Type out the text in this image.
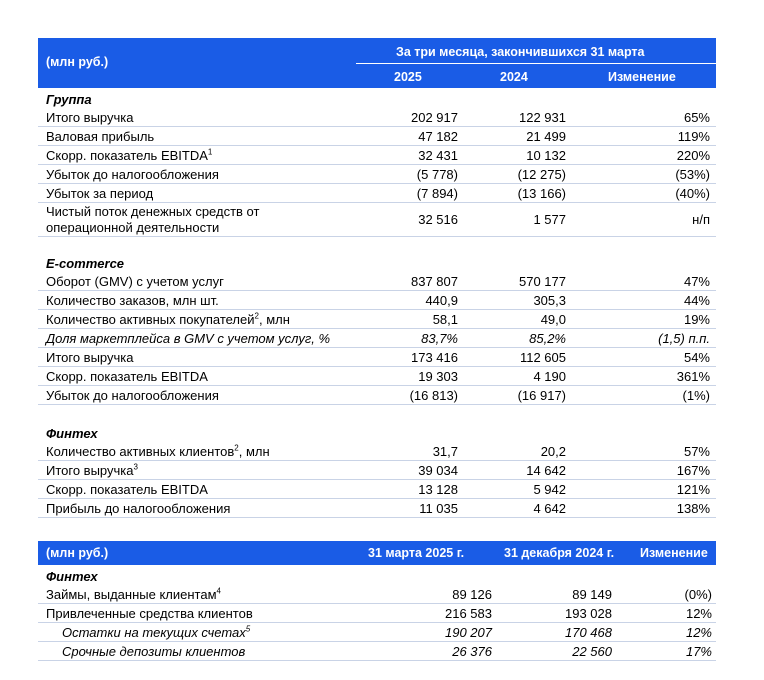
(млн руб.)
За три месяца, закончившихся 31 марта
2025	2024	Изменение
Группа
Итого выручка	202 917	122 931	65%
Валовая прибыль	47 182	21 499	119%
Скорр. показатель EBITDA$^1$	32 431	10 132	220%
Убыток до налогообложения	(5 778)	(12 275)	(53%)
Убыток за период	(7 894)	(13 166)	(40%)
Чистый поток денежных средств от
операционной деятельности
32 516	1 577	н/п
E-commerce
Оборот (GMV) с учетом услуг	837 807	570 177	47%
Количество заказов, млн шт.	440,9	305,3	44%
Количество активных покупателей$^2$, млн	58,1	49,0	19%
Доля маркетплейса в GMV с учетом услуг, %	83,7%	85,2%	(1,5) п.п.
Итого выручка	173 416	112 605	54%
Скорр. показатель EBITDA	19 303	4 190	361%
Убыток до налогообложения	(16 813)	(16 917)	(1%)
Финтех
Количество активных клиентов$^2$, млн	31,7	20,2	57%
Итого выручка$^3$	39 034	14 642	167%
Скорр. показатель EBITDA	13 128	5 942	121%
Прибыль до налогообложения	11 035	4 642	138%
(млн руб.)	31 марта 2025 г.	31 декабря 2024 г. Изменение
Финтех
Займы, выданные клиентам$^4$	89 126	89 149	(0%)
Привлеченные средства клиентов	216 583	193 028	12%
Остатки на текущих счетах$^5$	190 207	170 468	12%
Срочные депозиты клиентов	26 376	22 560	17%
